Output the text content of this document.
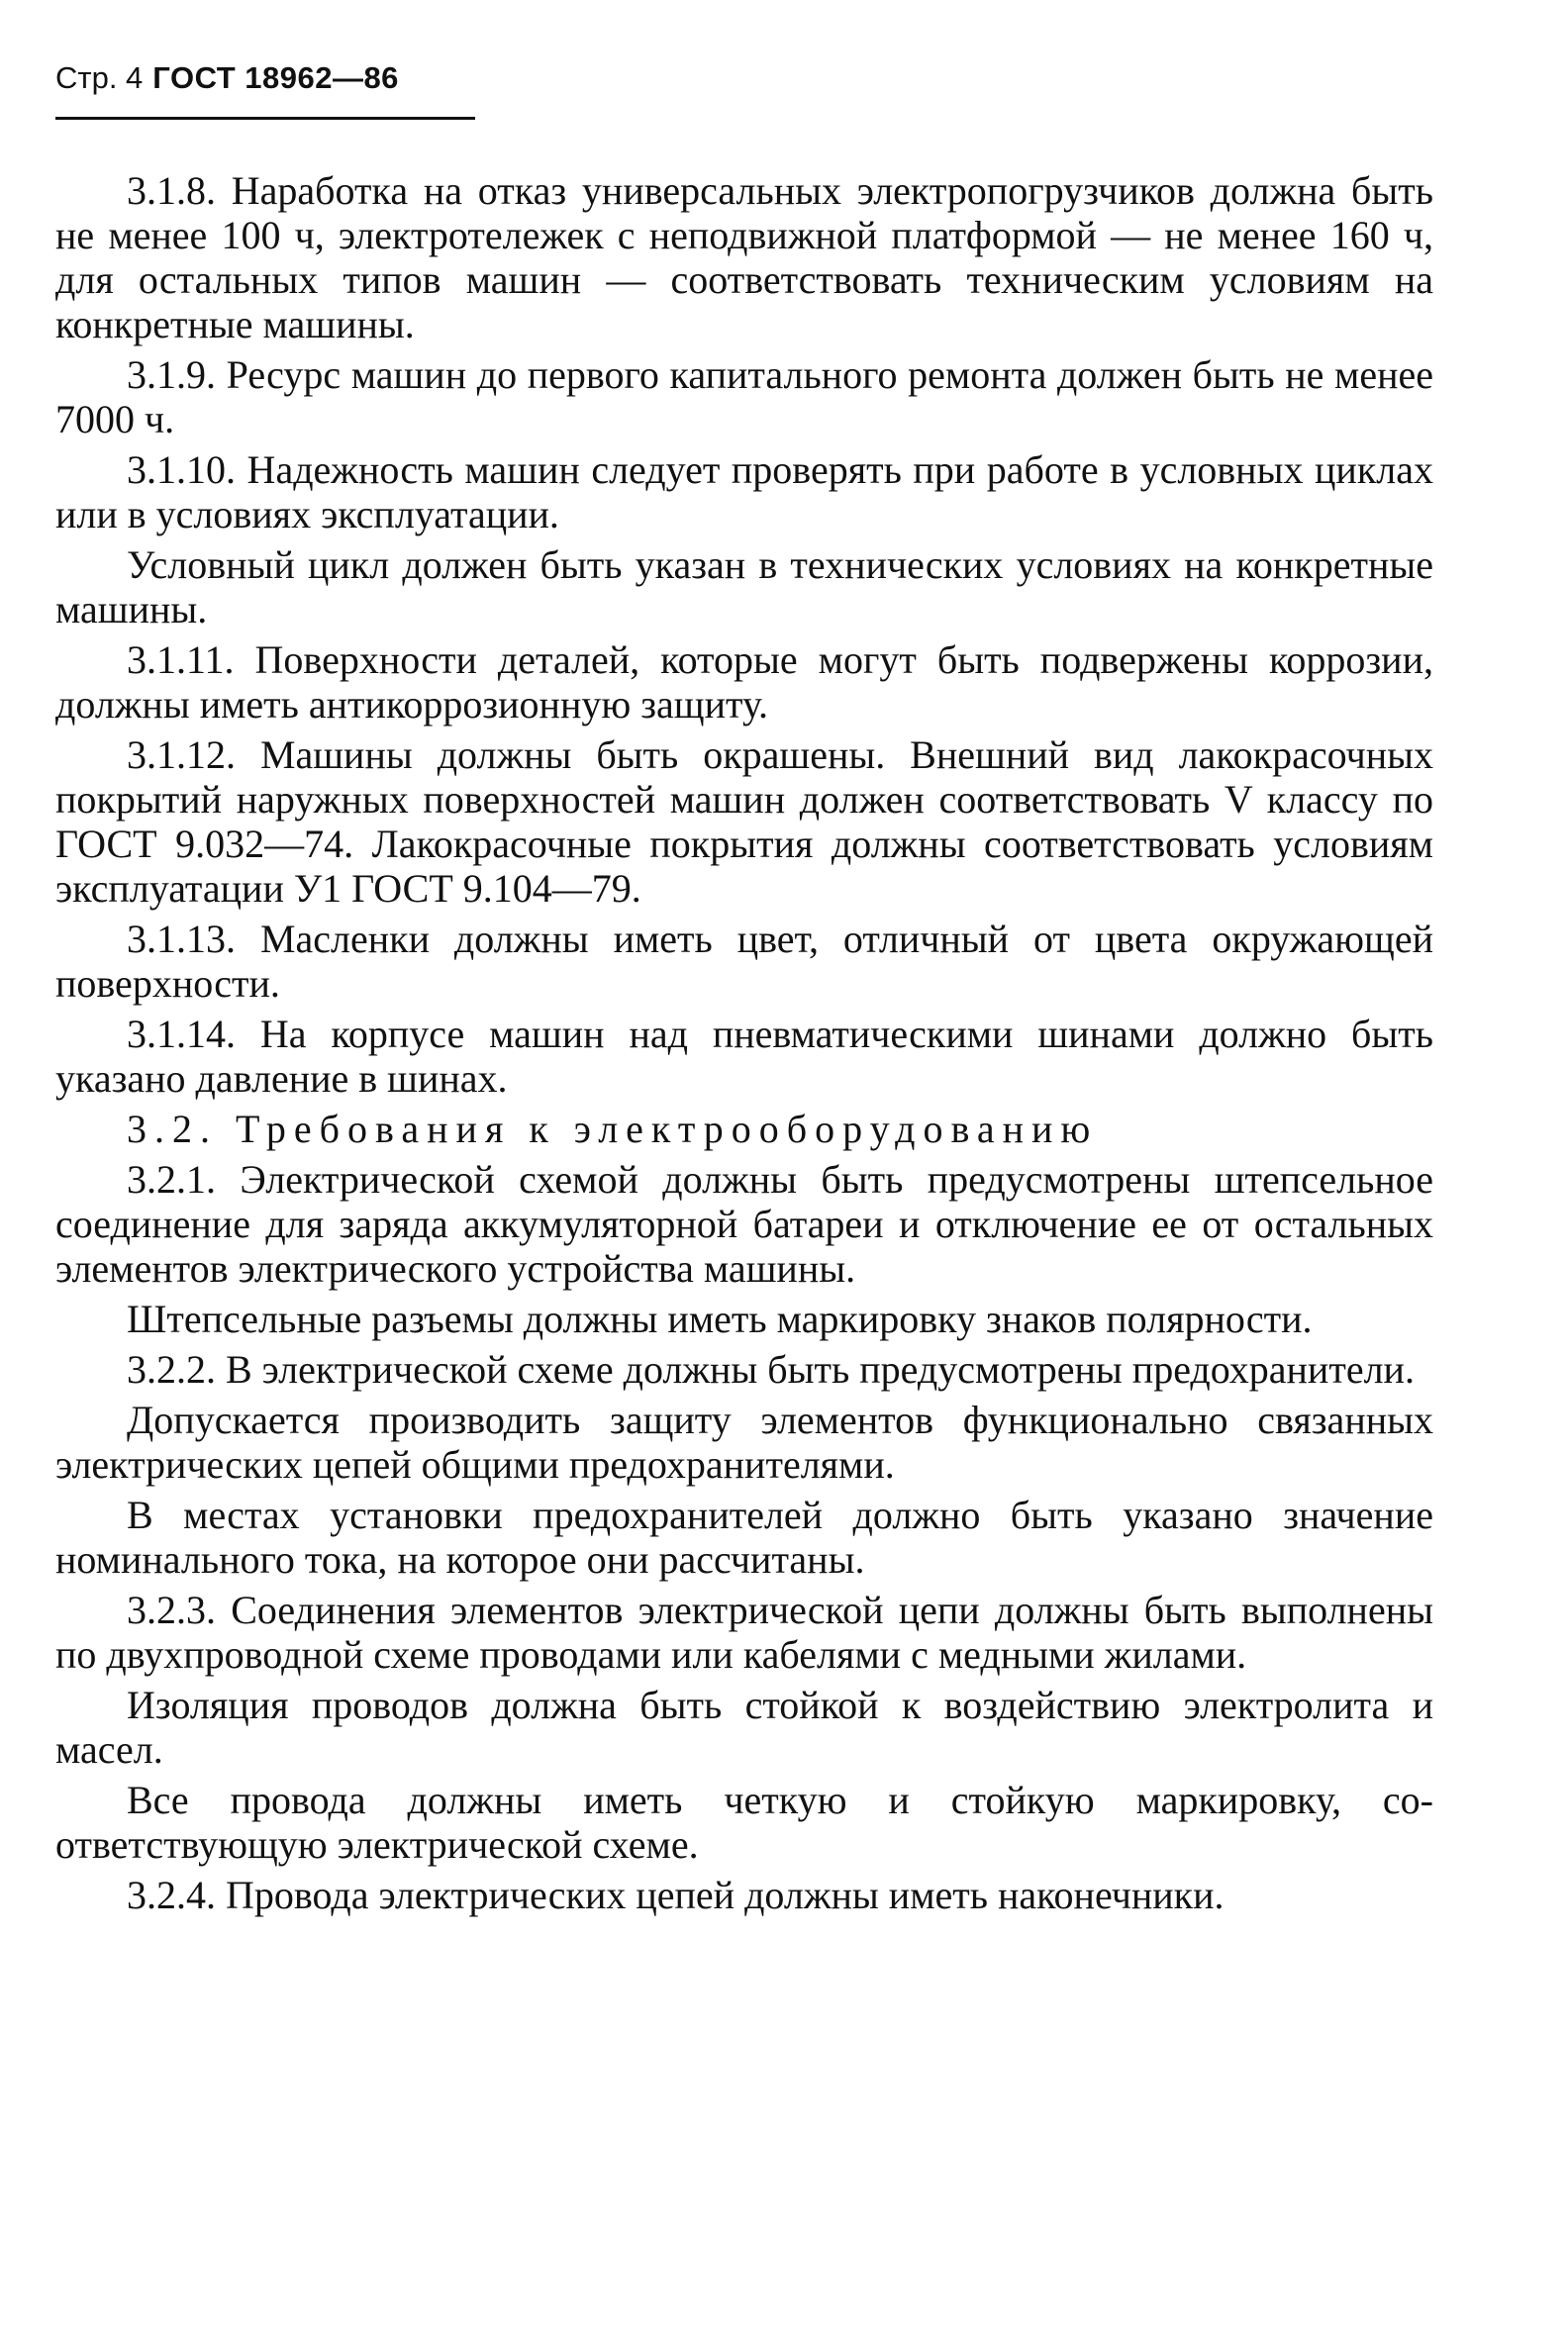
Стр. 4 ГОСТ 18962—86

3.1.8. Наработка на отказ универсальных электропогрузчиков должна быть не менее 100 ч, электротележек с неподвижной платформой — не менее 160 ч, для остальных типов машин — соответствовать техническим условиям на конкретные машины.

3.1.9. Ресурс машин до первого капитального ремонта должен быть не менее 7000 ч.

3.1.10. Надежность машин следует проверять при работе в условных циклах или в условиях эксплуатации.

Условный цикл должен быть указан в технических условиях на конкретные машины.

3.1.11. Поверхности деталей, которые могут быть подвержены коррозии, должны иметь антикоррозионную защиту.

3.1.12. Машины должны быть окрашены. Внешний вид лакокрасочных покрытий наружных поверхностей машин должен соответствовать V классу по ГОСТ 9.032—74. Лакокрасочные покрытия должны соответствовать условиям эксплуатации У1 ГОСТ 9.104—79.

3.1.13. Масленки должны иметь цвет, отличный от цвета окружающей поверхности.

3.1.14. На корпусе машин над пневматическими шинами должно быть указано давление в шинах.

3.2. Требования к электрооборудованию

3.2.1. Электрической схемой должны быть предусмотрены штепсельное соединение для заряда аккумуляторной батареи и отключение ее от остальных элементов электрического устройства машины.

Штепсельные разъемы должны иметь маркировку знаков полярности.

3.2.2. В электрической схеме должны быть предусмотрены предохранители.

Допускается производить защиту элементов функционально связанных электрических цепей общими предохранителями.

В местах установки предохранителей должно быть указано значение номинального тока, на которое они рассчитаны.

3.2.3. Соединения элементов электрической цепи должны быть выполнены по двухпроводной схеме проводами или кабелями с медными жилами.

Изоляция проводов должна быть стойкой к воздействию электролита и масел.

Все провода должны иметь четкую и стойкую маркировку, соответствующую электрической схеме.

3.2.4. Провода электрических цепей должны иметь наконечники.
